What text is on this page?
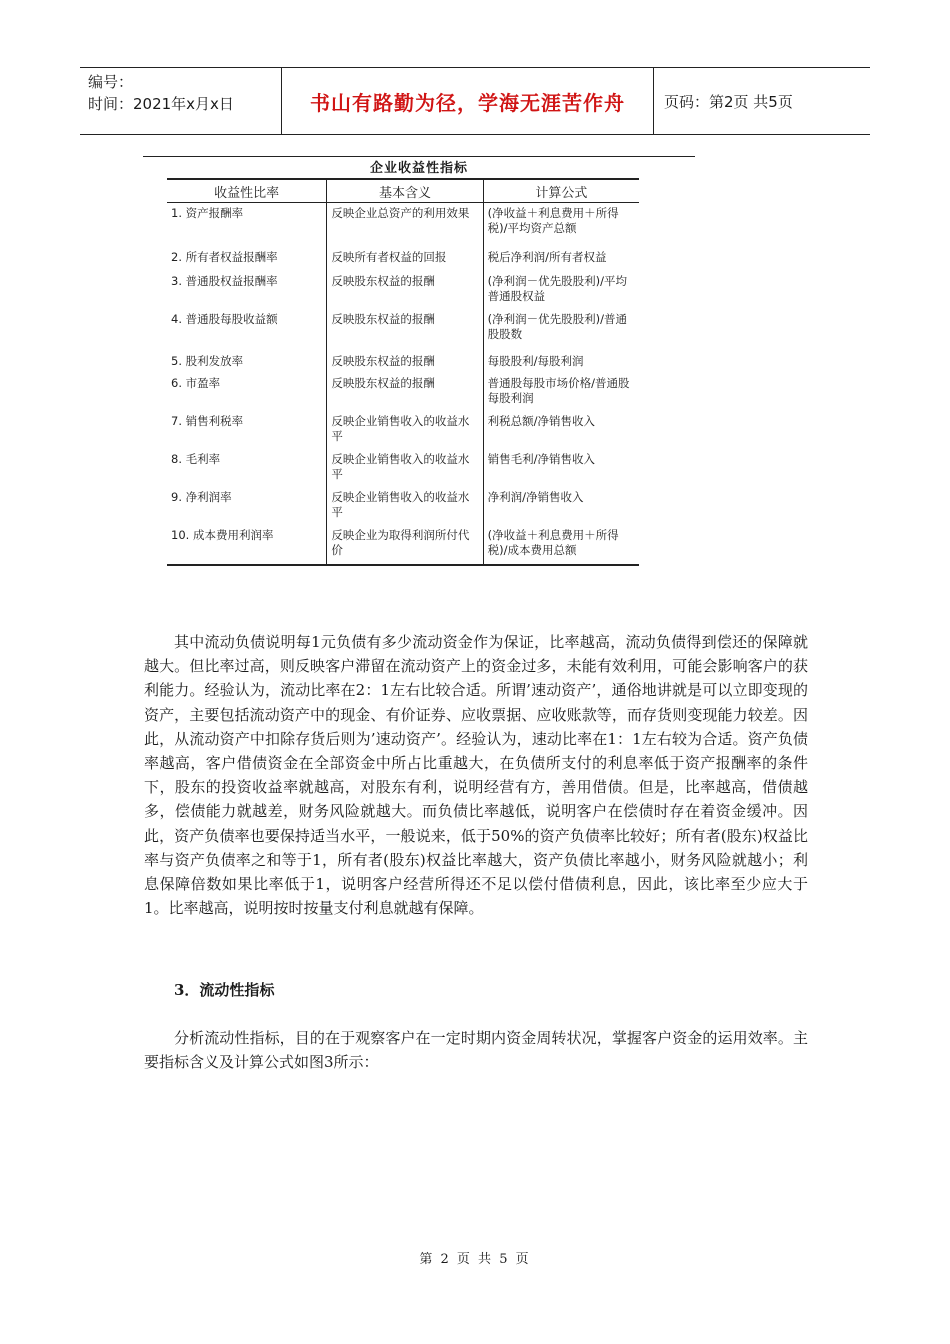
编号：
时间：2021年x月x日	书山有路勤为径，学海无涯苦作舟	页码：第2页 共5页
企业收益性指标
收益性比率	基本含义	计算公式
1. 资产报酬率	反映企业总资产的利用效果	(净收益＋利息费用＋所得税)/平均资产总额
2. 所有者权益报酬率	反映所有者权益的回报	税后净利润/所有者权益
3. 普通股权益报酬率	反映股东权益的报酬	(净利润－优先股股利)/平均普通股权益
4. 普通股每股收益额	反映股东权益的报酬	(净利润－优先股股利)/普通股股数
5. 股利发放率	反映股东权益的报酬	每股股利/每股利润
6. 市盈率	反映股东权益的报酬	普通股每股市场价格/普通股每股利润
7. 销售利税率	反映企业销售收入的收益水平	利税总额/净销售收入
8. 毛利率	反映企业销售收入的收益水平	销售毛利/净销售收入
9. 净利润率	反映企业销售收入的收益水平	净利润/净销售收入
10. 成本费用利润率	反映企业为取得利润所付代价	(净收益＋利息费用＋所得税)/成本费用总额

其中流动负债说明每1元负债有多少流动资金作为保证，比率越高，流动负债得到偿还的保障就越大。但比率过高，则反映客户滞留在流动资产上的资金过多，未能有效利用，可能会影响客户的获利能力。经验认为，流动比率在2：1左右比较合适。所谓’速动资产’，通俗地讲就是可以立即变现的资产，主要包括流动资产中的现金、有价证券、应收票据、应收账款等，而存货则变现能力较差。因此，从流动资产中扣除存货后则为’速动资产’。经验认为，速动比率在1：1左右较为合适。资产负债率越高，客户借债资金在全部资金中所占比重越大，在负债所支付的利息率低于资产报酬率的条件下，股东的投资收益率就越高，对股东有利，说明经营有方，善用借债。但是，比率越高，借债越多，偿债能力就越差，财务风险就越大。而负债比率越低，说明客户在偿债时存在着资金缓冲。因此，资产负债率也要保持适当水平，一般说来，低于50%的资产负债率比较好；所有者(股东)权益比率与资产负债率之和等于1，所有者(股东)权益比率越大，资产负债比率越小，财务风险就越小；利息保障倍数如果比率低于1，说明客户经营所得还不足以偿付借债利息，因此，该比率至少应大于1。比率越高，说明按时按量支付利息就越有保障。

3．流动性指标

分析流动性指标，目的在于观察客户在一定时期内资金周转状况，掌握客户资金的运用效率。主要指标含义及计算公式如图3所示：

第 2 页 共 5 页
